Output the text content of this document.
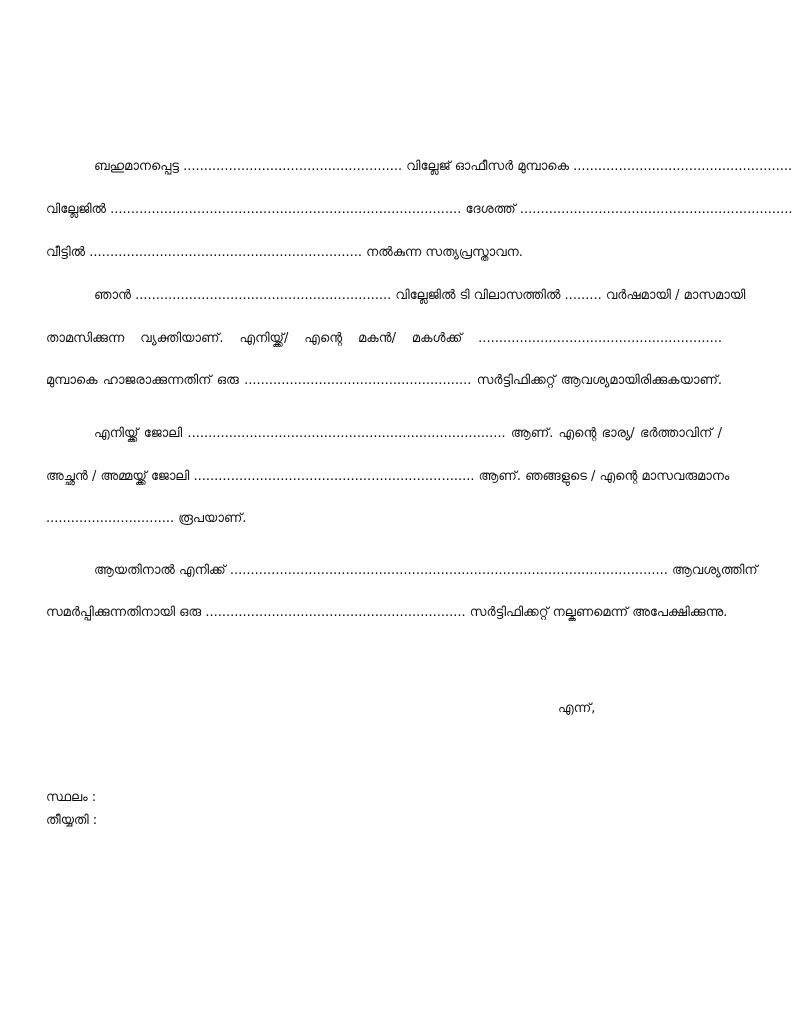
ബഹുമാനപ്പെട്ട ..................................................... വില്ലേജ് ഓഫീസർ മുമ്പാകെ .....................................................
വില്ലേജിൽ ..................................................................................... ദേശത്ത് ..................................................................
വീട്ടിൽ .................................................................. നൽകുന്ന സത്യപ്രസ്താവന.
ഞാൻ .............................................................. വില്ലേജിൽ ടി വിലാസത്തിൽ ......... വർഷമായി / മാസമായി
താമസിക്കുന്ന വ്യക്തിയാണ്. എനിയ്ക്ക്/ എന്റെ മകൻ/ മകൾക്ക് ...........................................................
മുമ്പാകെ ഹാജരാക്കുന്നതിന് ഒരു ....................................................... സർട്ടിഫിക്കറ്റ് ആവശ്യമായിരിക്കുകയാണ്.
എനിയ്ക്ക് ജോലി ............................................................................. ആണ്. എന്റെ ഭാര്യ/ ഭർത്താവിന് /
അച്ഛൻ / അമ്മയ്ക്ക് ജോലി .................................................................... ആണ്. ഞങ്ങളുടെ / എന്റെ മാസവരുമാനം
............................... രൂപയാണ്.
ആയതിനാൽ എനിക്ക് .......................................................................................................... ആവശ്യത്തിന്
സമർപ്പിക്കുന്നതിനായി ഒരു ............................................................... സർട്ടിഫിക്കറ്റ് നല്കണമെന്ന് അപേക്ഷിക്കുന്നു.
എന്ന്,
സ്ഥലം :
തീയ്യതി :
